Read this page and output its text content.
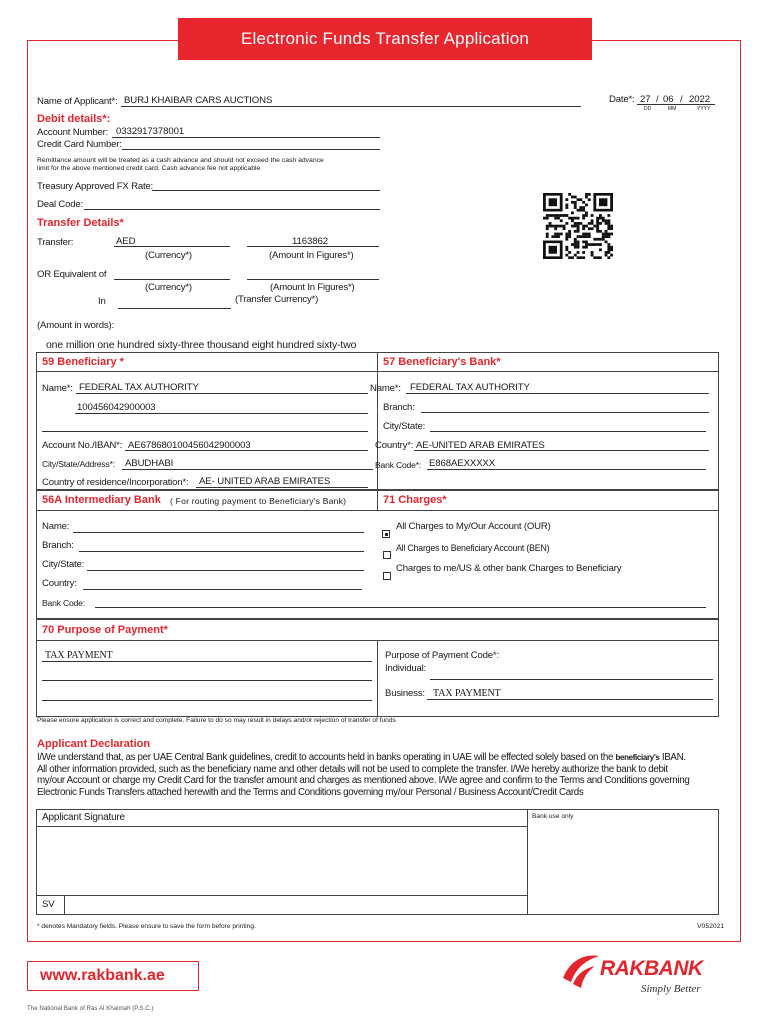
Electronic Funds Transfer Application
Name of Applicant*: BURJ KHAIBAR CARS AUCTIONS	Date*: 27 / 06 / 2022
DD	MM	YYYY
Debit details*:
Account Number: 0332917378001
Credit Card Number:
Remittance amount will be treated as a cash advance and should not exceed the cash advance
limit for the above mentioned credit card. Cash advance fee not applicable
Treasury Approved FX Rate:
Deal Code:
Transfer Details*
Transfer:	AED	1163862
(Currency*)	(Amount In Figures*)
OR Equivalent of
(Currency*)	(Amount In Figures*)
In	(Transfer Currency*)
(Amount in words):
one million one hundred sixty-three thousand eight hundred sixty-two
59 Beneficiary *	57 Beneficiary's Bank*
Name*: FEDERAL TAX AUTHORITY
100456042900003
Account No./IBAN*: AE678680100456042900003
City/State/Address*: ABUDHABI
Country of residence/Incorporation*: AE- UNITED ARAB EMIRATES
Name*: FEDERAL TAX AUTHORITY
Branch:
City/State:
Country*: AE-UNITED ARAB EMIRATES
Bank Code*: E868AEXXXXX
56A Intermediary Bank ( For routing payment to Beneficiary's Bank)	71 Charges*
Name:
Branch:
City/State:
Country:
Bank Code:
All Charges to My/Our Account (OUR)
All Charges to Beneficiary Account (BEN)
Charges to me/US & other bank Charges to Beneficiary
70 Purpose of Payment*
TAX PAYMENT	Purpose of Payment Code*:
Individual:
Business: TAX PAYMENT
Please ensure application is correct and complete. Failure to do so may result in delays and/or rejection of transfer of funds
Applicant Declaration
I/We understand that, as per UAE Central Bank guidelines, credit to accounts held in banks operating in UAE will be effected solely based on the beneficiary's IBAN.
All other information provided, such as the beneficiary name and other details will not be used to complete the transfer. I/We hereby authorize the bank to debit
my/our Account or charge my Credit Card for the transfer amount and charges as mentioned above. I/We agree and confirm to the Terms and Conditions governing
Electronic Funds Transfers attached herewith and the Terms and Conditions governing my/our Personal / Business Account/Credit Cards
Applicant Signature
SV
Bank use only
* denotes Mandatory fields. Please ensure to save the form before printing.	V052021
www.rakbank.ae	RAKBANK
Simply Better
The National Bank of Ras Al Khaimah (P.S.C.)
